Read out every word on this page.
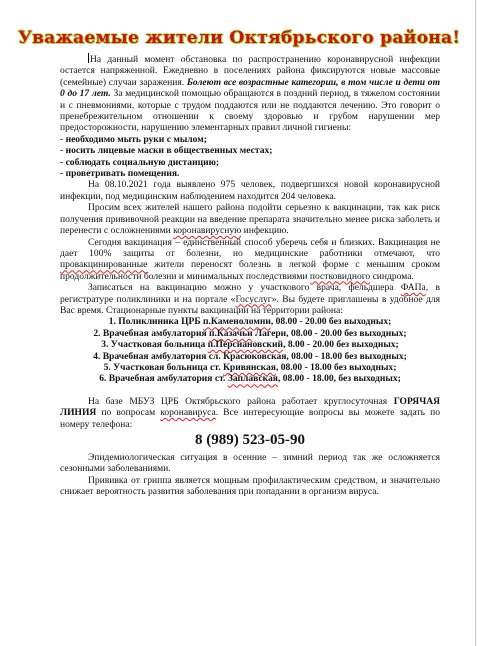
Уважаемые жители Октябрьского района!

На данный момент обстановка по распространению коронавирусной инфекции остается напряженной. Ежедневно в поселениях района фиксируются новые массовые (семейные) случаи заражения. Болеют все возрастные категории, в том числе и дети от 0 до 17 лет. За медицинской помощью обращаются в поздний период, в тяжелом состоянии и с пневмониями, которые с трудом поддаются или не поддаются лечению. Это говорит о пренебрежительном отношении к своему здоровью и грубом нарушении мер предосторожности, нарушению элементарных правил личной гигиены:

- необходимо мыть руки с мылом;
- носить лицевые маски в общественных местах;
- соблюдать социальную дистанцию;
- проветривать помещения.

На 08.10.2021 года выявлено 975 человек, подвергшихся новой коронавирусной инфекции, под медицинским наблюдением находится 204 человека.

Просим всех жителей нашего района подойти серьезно к вакцинации, так как риск получения прививочной реакции на введение препарата значительно менее риска заболеть и перенести с осложнениями коронавирусную инфекцию.

Сегодня вакцинация – единственный способ уберечь себя и близких. Вакцинация не дает 100% защиты от болезни, но медицинские работники отмечают, что провакцинированные жители переносят болезнь в легкой форме с меньшим сроком продолжительности болезни и минимальных последствиями постковидного синдрома.

Записаться на вакцинацию можно у участкового врача, фельдшера ФАПа, в регистратуре поликлиники и на портале «Госуслуг». Вы будете приглашены в удобное для Вас время. Стационарные пункты вакцинации на территории района:

1. Поликлиника ЦРБ п.Каменоломни, 08.00 - 20.00 без выходных;
2. Врачебная амбулатория п.Казачьи Лагери, 08.00 - 20.00 без выходных;
3. Участковая больница п.Персиановский, 8.00 - 20.00 без выходных;
4. Врачебная амбулатория сл. Красюковская, 08.00 - 18.00 без выходных;
5. Участковая больница ст. Кривянская, 08.00 - 18.00 без выходных;
6. Врачебная амбулатория ст. Заплавская, 08.00 - 18.00, без выходных;

На базе МБУЗ ЦРБ Октябрьского района работает круглосуточная ГОРЯЧАЯ ЛИНИЯ по вопросам коронавируса. Все интересующие вопросы вы можете задать по номеру телефона:

8 (989) 523-05-90

Эпидемиологическая ситуация в осенние – зимний период так же осложняется сезонными заболеваниями.

Прививка от гриппа является мощным профилактическим средством, и значительно снижает вероятность развития заболевания при попадании в организм вируса.
